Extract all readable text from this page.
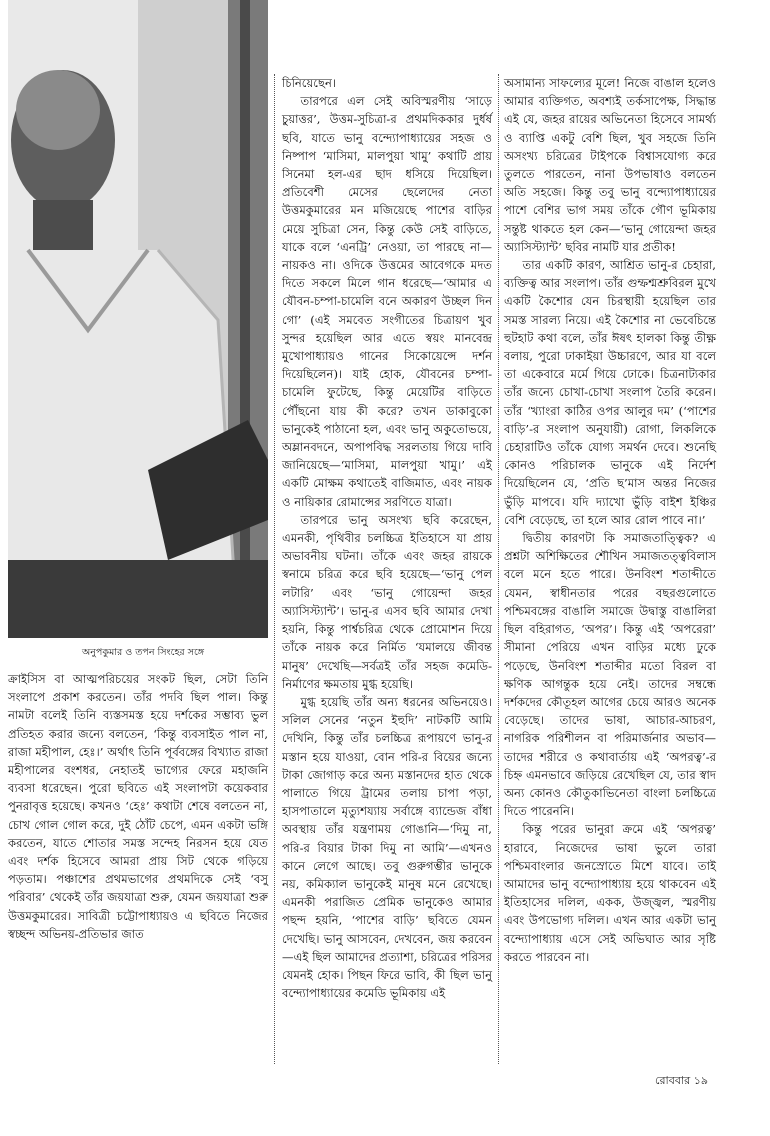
অনুপকুমার ও তপন সিংহের সঙ্গে

ক্রাইসিস বা আত্মপরিচয়ের সংকট ছিল, সেটা তিনি সংলাপে প্রকাশ করতেন। তাঁর পদবি ছিল পাল। কিন্তু নামটা বলেই তিনি ব্যস্তসমস্ত হয়ে দর্শকের সম্ভাব্য ভুল প্রতিহত করার জন্যে বলতেন, ‘কিন্তু ব্যবসাইত পাল না, রাজা মহীপাল, হেঃ।’ অর্থাৎ তিনি পূর্ববঙ্গের বিখ্যাত রাজা মহীপালের বংশধর, নেহাতই ভাগ্যের ফেরে মহাজনি ব্যবসা ধরেছেন। পুরো ছবিতে এই সংলাপটা কয়েকবার পুনরাবৃত্ত হয়েছে। কখনও ‘হেঃ’ কথাটা শেষে বলতেন না, চোখ গোল গোল করে, দুই ঠোঁট চেপে, এমন একটা ভঙ্গি করতেন, যাতে শোতার সমস্ত সন্দেহ নিরসন হয়ে যেত এবং দর্শক হিসেবে আমরা প্রায় সিট থেকে গড়িয়ে পড়তাম। পঞ্চাশের প্রথমভাগের প্রথমদিকে সেই ‘বসু পরিবার’ থেকেই তাঁর জয়যাত্রা শুরু, যেমন জয়যাত্রা শুরু উত্তমকুমারের। সাবিত্রী চট্টোপাধ্যায়ও এ ছবিতে নিজের স্বচ্ছন্দ অভিনয়-প্রতিভার জাত

চিনিয়েছেন।

তারপরে এল সেই অবিস্মরণীয় ‘সাড়ে চুয়াত্তর’, উত্তম-সুচিত্রা-র প্রথমদিককার দুর্ধর্ষ ছবি, যাতে ভানু বন্দ্যোপাধ্যায়ের সহজ ও নিষ্পাপ ‘মাসিমা, মালপুয়া খামু’ কথাটি প্রায় সিনেমা হল-এর ছাদ ধসিয়ে দিয়েছিল। প্রতিবেশী মেসের ছেলেদের নেতা উত্তমকুমারের মন মজিয়েছে পাশের বাড়ির মেয়ে সুচিত্রা সেন, কিন্তু কেউ সেই বাড়িতে, যাকে বলে ‘এনট্রি’ নেওয়া, তা পারছে না—নায়কও না। ওদিকে উত্তমের আবেগকে মদত দিতে সকলে মিলে গান ধরেছে—‘আমার এ যৌবন-চম্পা-চামেলি বনে অকারণ উচ্ছল দিন গো’ (এই সমবেত সংগীতের চিত্রায়ণ খুব সুন্দর হয়েছিল আর এতে স্বয়ং মানবেন্দ্র মুখোপাধ্যায়ও গানের সিকোয়েন্সে দর্শন দিয়েছিলেন)। যাই হোক, যৌবনের চম্পা-চামেলি ফুটেছে, কিন্তু মেয়েটির বাড়িতে পৌঁছনো যায় কী করে? তখন ডাকাবুকো ভানুকেই পাঠানো হল, এবং ভানু অকুতোভয়ে, অম্লানবদনে, অপাপবিদ্ধ সরলতায় গিয়ে দাবি জানিয়েছে—‘মাসিমা, মালপুয়া খামু।’ এই একটি মোক্ষম কথাতেই বাজিমাত, এবং নায়ক ও নায়িকার রোমান্সের সরণিতে যাত্রা।

তারপরে ভানু অসংখ্য ছবি করেছেন, এমনকী, পৃথিবীর চলচ্চিত্র ইতিহাসে যা প্রায় অভাবনীয় ঘটনা। তাঁকে এবং জহর রায়কে স্বনামে চরিত্র করে ছবি হয়েছে—‘ভানু পেল লটারি’ এবং ‘ভানু গোয়েন্দা জহর অ্যাসিস্ট্যান্ট’। ভানু-র এসব ছবি আমার দেখা হয়নি, কিন্তু পার্শ্বচরিত্র থেকে প্রোমোশন দিয়ে তাঁকে নায়ক করে নির্মিত ‘যমালয়ে জীবন্ত মানুষ’ দেখেছি—সর্বত্রই তাঁর সহজ কমেডি-নির্মাণের ক্ষমতায় মুগ্ধ হয়েছি।

মুগ্ধ হয়েছি তাঁর অন্য ধরনের অভিনয়েও। সলিল সেনের ‘নতুন ইহুদি’ নাটকটি আমি দেখিনি, কিন্তু তাঁর চলচ্চিত্র রূপায়ণে ভানু-র মস্তান হয়ে যাওয়া, বোন পরি-র বিয়ের জন্যে টাকা জোগাড় করে অন্য মস্তানদের হাত থেকে পালাতে গিয়ে ট্রামের তলায় চাপা পড়া, হাসপাতালে মৃত্যুশয্যায় সর্বাঙ্গে ব্যান্ডেজ বাঁধা অবস্থায় তাঁর যন্ত্রণাময় গোঙানি—‘দিমু না, পরি-র বিয়ার টাকা দিমু না আমি’—এখনও কানে লেগে আছে। তবু গুরুগম্ভীর ভানুকে নয়, কমিক্যাল ভানুকেই মানুষ মনে রেখেছে। এমনকী পরাজিত প্রেমিক ভানুকেও আমার পছন্দ হয়নি, ‘পাশের বাড়ি’ ছবিতে যেমন দেখেছি। ভানু আসবেন, দেখবেন, জয় করবেন—এই ছিল আমাদের প্রত্যাশা, চরিত্রের পরিসর যেমনই হোক। পিছন ফিরে ভাবি, কী ছিল ভানু বন্দ্যোপাধ্যায়ের কমেডি ভূমিকায় এই

অসামান্য সাফল্যের মূলে! নিজে বাঙাল হলেও আমার ব্যক্তিগত, অবশ্যই তর্কসাপেক্ষ, সিদ্ধান্ত এই যে, জহর রায়ের অভিনেতা হিসেবে সামর্থ্য ও ব্যাপ্তি একটু বেশি ছিল, খুব সহজে তিনি অসংখ্য চরিত্রের টাইপকে বিশ্বাসযোগ্য করে তুলতে পারতেন, নানা উপভাষাও বলতেন অতি সহজে। কিন্তু তবু ভানু বন্দ্যোপাধ্যায়ের পাশে বেশির ভাগ সময় তাঁকে গৌণ ভূমিকায় সন্তুষ্ট থাকতে হল কেন—‘ভানু গোয়েন্দা জহর অ্যাসিস্ট্যান্ট’ ছবির নামটি যার প্রতীক!

তার একটি কারণ, আশ্রিত ভানু-র চেহারা, ব্যক্তিত্ব আর সংলাপ। তাঁর গুম্ফশ্মশ্রুবিরল মুখে একটি কৈশোর যেন চিরস্থায়ী হয়েছিল তার সমস্ত সারল্য নিয়ে। এই কৈশোর না ভেবেচিন্তে হুটহাট কথা বলে, তাঁর ঈষৎ হালকা কিন্তু তীক্ষ্ণ বলায়, পুরো ঢাকাইয়া উচ্চারণে, আর যা বলে তা একেবারে মর্মে গিয়ে ঢোকে। চিত্রনাট্যকার তাঁর জন্যে চোখা-চোখা সংলাপ তৈরি করেন। তাঁর ‘খ্যাংরা কাঠির ওপর আলুর দম’ (‘পাশের বাড়ি’-র সংলাপ অনুযায়ী) রোগা, লিকলিকে চেহারাটিও তাঁকে যোগ্য সমর্থন দেবে। শুনেছি কোনও পরিচালক ভানুকে এই নির্দেশ দিয়েছিলেন যে, ‘প্রতি ছ’মাস অন্তর নিজের ভুঁড়ি মাপবে। যদি দ্যাখো ভুঁড়ি বাইশ ইঞ্চির বেশি বেড়েছে, তা হলে আর রোল পাবে না।’

দ্বিতীয় কারণটা কি সমাজতাত্ত্বিক? এ প্রশ্নটা অশিক্ষিতের শৌখিন সমাজতত্ত্ববিলাস বলে মনে হতে পারে। উনবিংশ শতাব্দীতে যেমন, স্বাধীনতার পরের বছরগুলোতে পশ্চিমবঙ্গের বাঙালি সমাজে উদ্বাস্তু বাঙালিরা ছিল বহিরাগত, ‘অপর’। কিন্তু এই ‘অপরেরা’ সীমানা পেরিয়ে এখন বাড়ির মধ্যে ঢুকে পড়েছে, উনবিংশ শতাব্দীর মতো বিরল বা ক্ষণিক আগন্তুক হয়ে নেই। তাদের সম্বন্ধে দর্শকদের কৌতূহল আগের চেয়ে আরও অনেক বেড়েছে। তাদের ভাষা, আচার-আচরণ, নাগরিক পরিশীলন বা পরিমার্জনার অভাব—তাদের শরীরে ও কথাবার্তায় এই ‘অপরত্ব’-র চিহ্ন এমনভাবে জড়িয়ে রেখেছিল যে, তার স্বাদ অন্য কোনও কৌতুকাভিনেতা বাংলা চলচ্চিত্রে দিতে পারেননি।

কিন্তু পরের ভানুরা ক্রমে এই ‘অপরত্ব’ হারাবে, নিজেদের ভাষা ভুলে তারা পশ্চিমবাংলার জনস্রোতে মিশে যাবে। তাই আমাদের ভানু বন্দ্যোপাধ্যায় হয়ে থাকবেন এই ইতিহাসের দলিল, একক, উজ্জ্বল, স্মরণীয় এবং উপভোগ্য দলিল। এখন আর একটা ভানু বন্দ্যোপাধ্যায় এসে সেই অভিঘাত আর সৃষ্টি করতে পারবেন না।

রোববার ১৯
